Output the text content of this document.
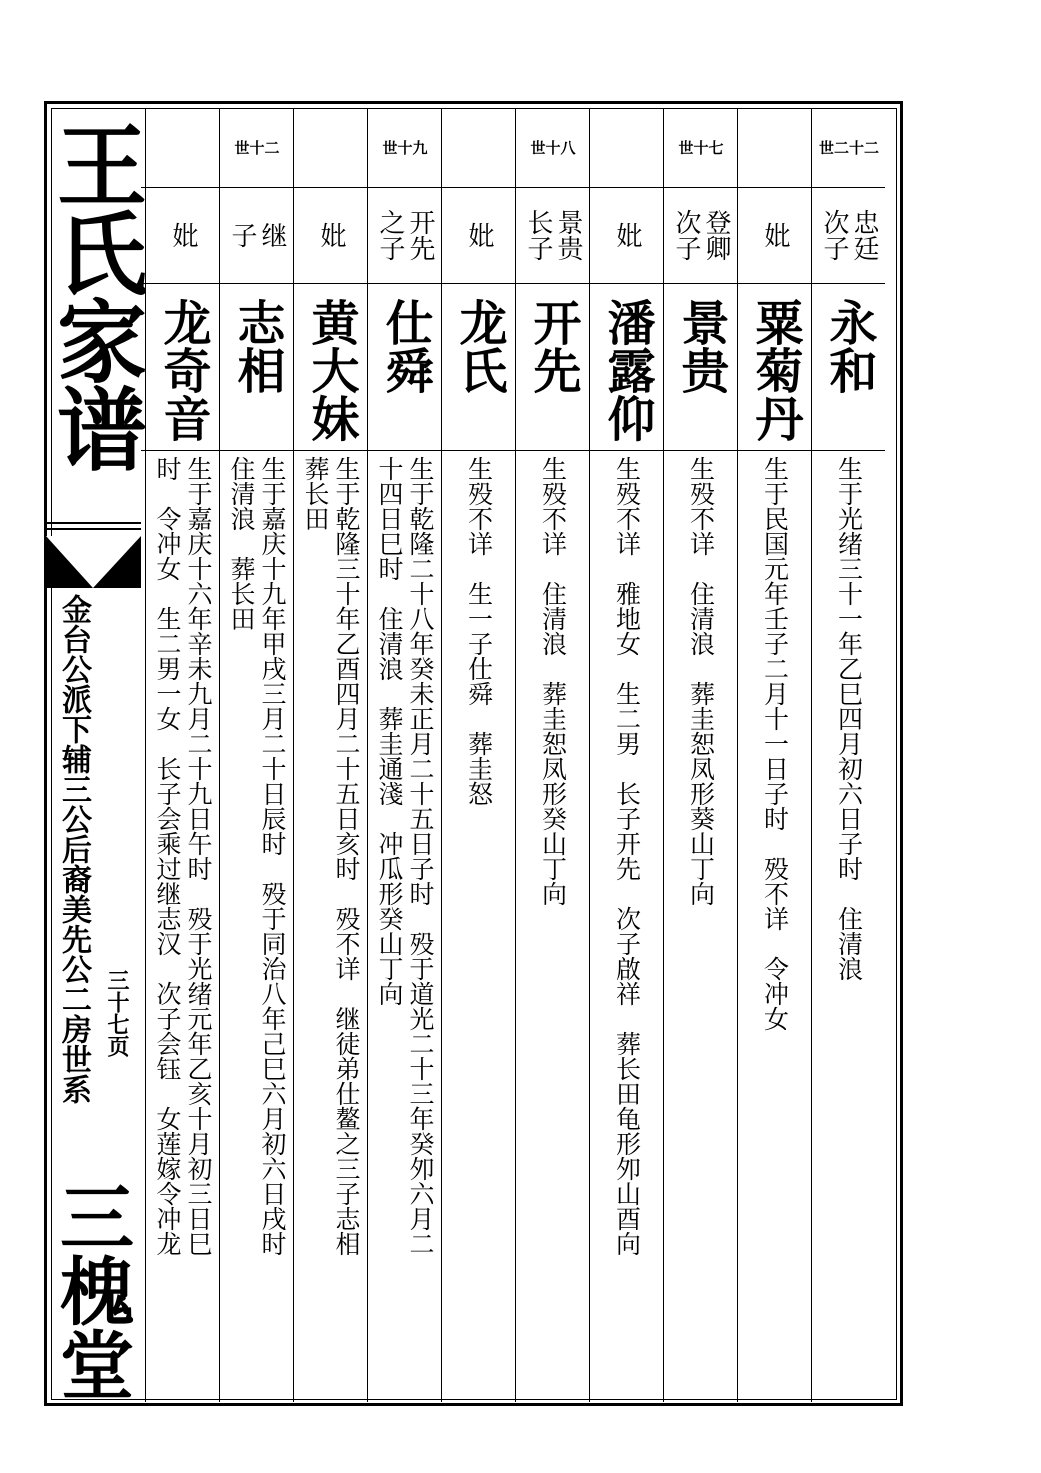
王氏家谱
金台公派下辅三公后裔美先公二房世系 三十七页
三槐堂
世二十二
忠廷
次子
永和
生于光绪三十一年乙巳四月初六日子时　住清浪
妣
粟菊丹
生于民国元年壬子二月十一日子时　殁不详　令冲女
世十七
登卿
次子
景贵
生殁不详　住清浪　葬圭恕凤形葵山丁向
妣
潘露仰
生殁不详　雅地女　生二男　长子开先　次子啟祥　葬长田龟形夘山酉向
世十八
景贵
长子
开先
生殁不详　住清浪　葬圭恕凤形癸山丁向
妣
龙氏
生殁不详　生一子仕舜　葬圭怒
世十九
开先
之子
仕舜
生于乾隆二十八年癸未正月二十五日子时　殁于道光二十三年癸夘六月二
十四日巳时　住清浪　葬圭通淺　冲瓜形癸山丁向
妣
黄大妹
生于乾隆三十年乙酉四月二十五日亥时　殁不详　继徒弟仕鳌之三子志相
葬长田
世十二
继
子
志相
生于嘉庆十九年甲戌三月二十日辰时　殁于同治八年己巳六月初六日戌时
住清浪　葬长田
妣
龙奇音
生于嘉庆十六年辛未九月二十九日午时　殁于光绪元年乙亥十月初三日巳
时　令冲女　生二男一女　长子会乘过继志汉　次子会钰　女莲嫁令冲龙
